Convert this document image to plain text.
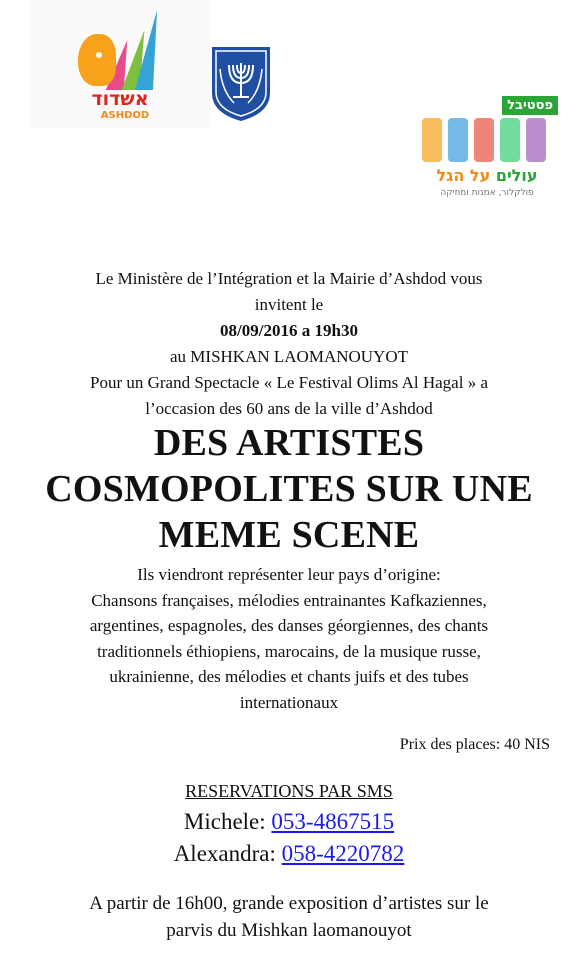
אשדוד
ASHDOD
פסטיבל
עולים על הגל
פולקלור, אמנות ומוזיקה
Le Ministère de l’Intégration et la Mairie d’Ashdod vous
invitent le
08/09/2016 a 19h30
au MISHKAN LAOMANOUYOT
Pour un Grand Spectacle « Le Festival Olims Al Hagal » a
l’occasion des 60 ans de la ville d’Ashdod
DES ARTISTES
COSMOPOLITES SUR UNE
MEME SCENE
Ils viendront représenter leur pays d’origine:
Chansons françaises, mélodies entrainantes Kafkaziennes,
argentines, espagnoles, des danses géorgiennes, des chants
traditionnels éthiopiens, marocains, de la musique russe,
ukrainienne, des mélodies et chants juifs et des tubes
internationaux
Prix des places: 40 NIS
RESERVATIONS PAR SMS
Michele: 053-4867515
Alexandra: 058-4220782
A partir de 16h00, grande exposition d’artistes sur le
parvis du Mishkan laomanouyot
